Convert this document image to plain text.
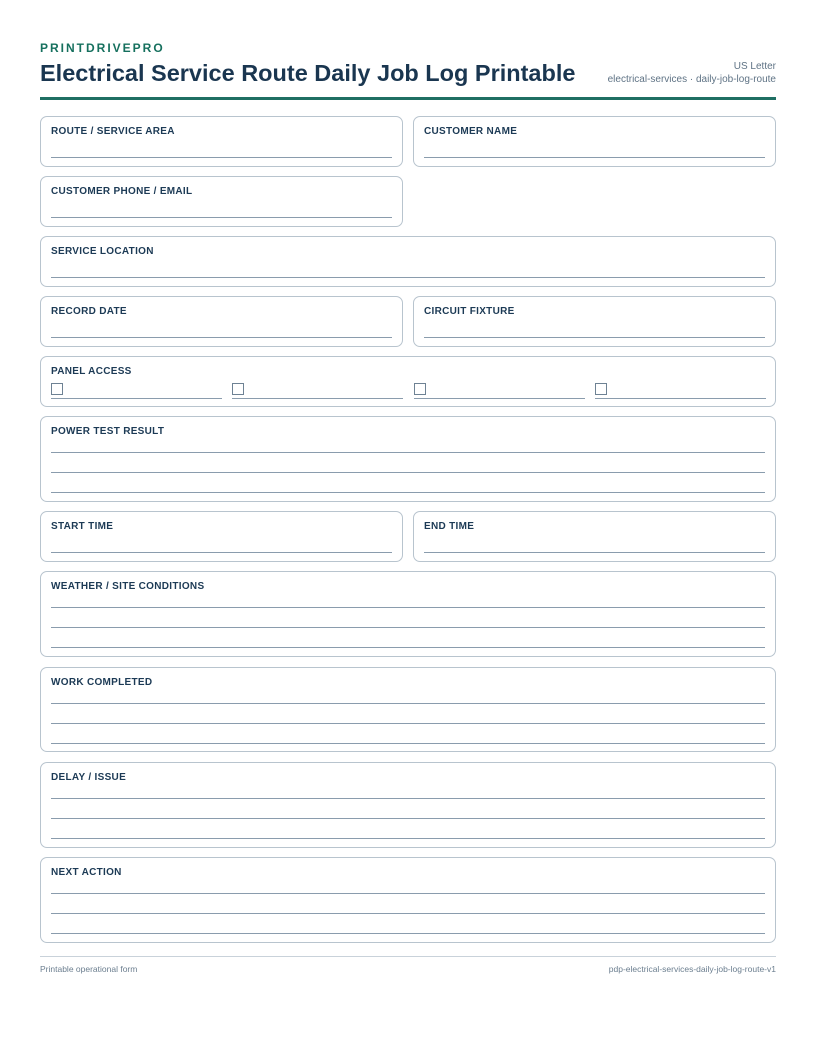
PRINTDRIVEPRO
Electrical Service Route Daily Job Log Printable	US Letter
electrical-services · daily-job-log-route
ROUTE / SERVICE AREA	CUSTOMER NAME
CUSTOMER PHONE / EMAIL
SERVICE LOCATION
RECORD DATE	CIRCUIT FIXTURE
PANEL ACCESS
POWER TEST RESULT
START TIME	END TIME
WEATHER / SITE CONDITIONS
WORK COMPLETED
DELAY / ISSUE
NEXT ACTION
Printable operational form	pdp-electrical-services-daily-job-log-route-v1
